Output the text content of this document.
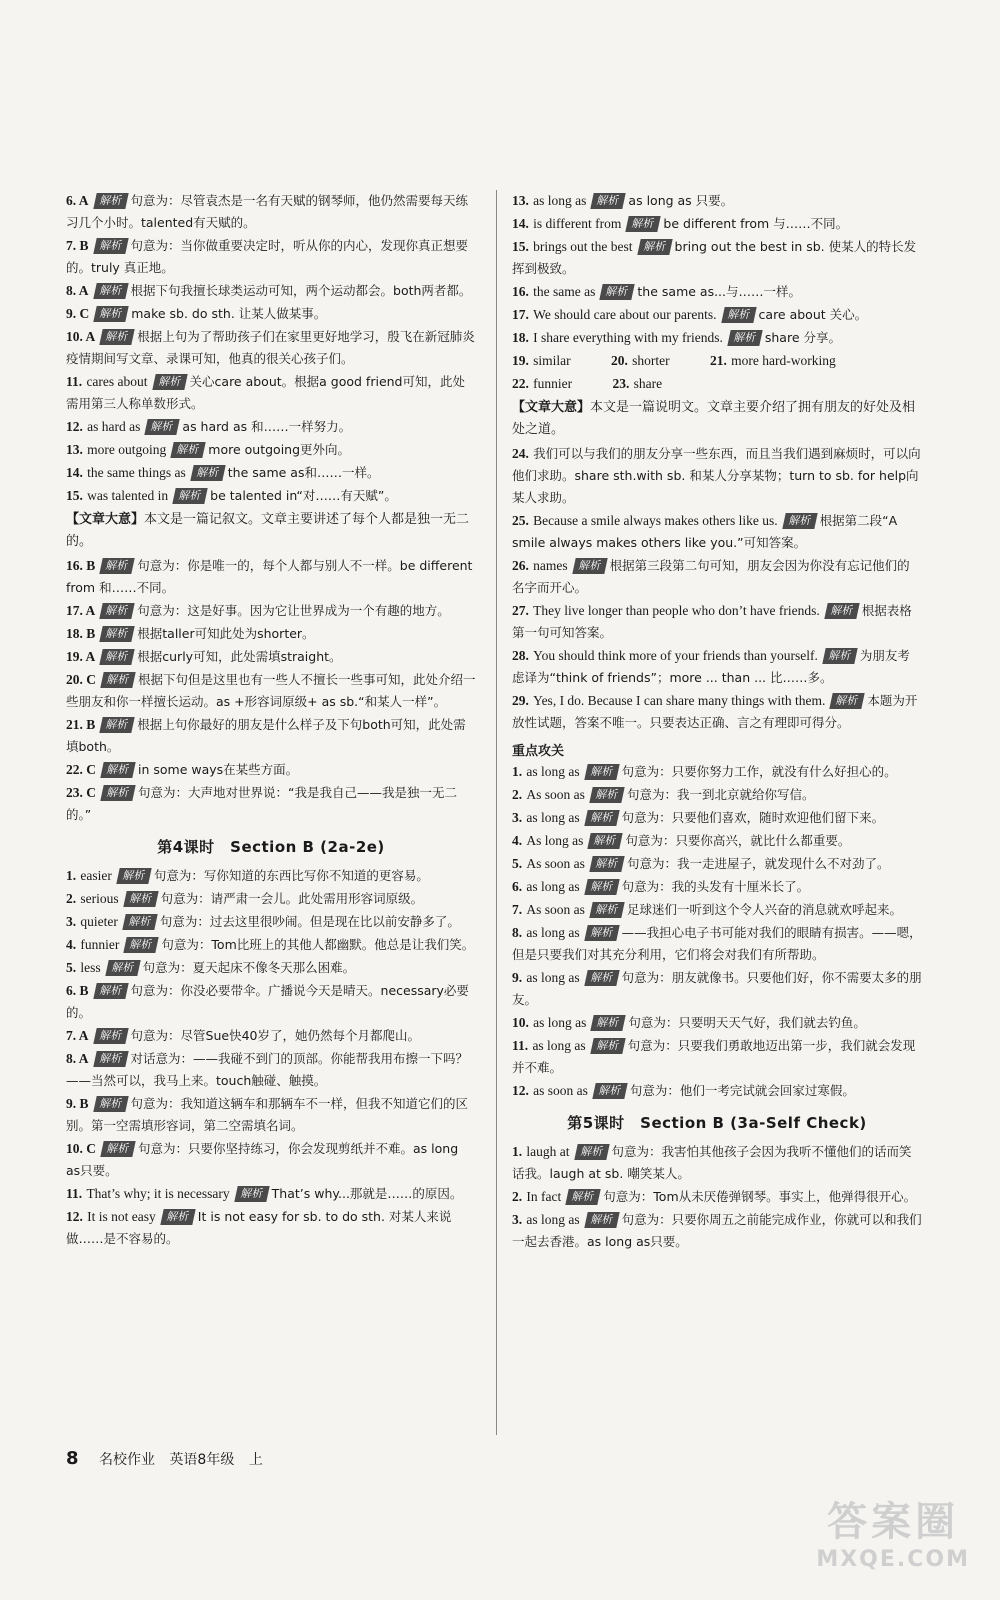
6. A 解析 句意为：尽管袁杰是一名有天赋的钢琴师，他仍然需要每天练习几个小时。talented有天赋的。
7. B 解析 句意为：当你做重要决定时，听从你的内心，发现你真正想要的。truly 真正地。
8. A 解析 根据下句我擅长球类运动可知，两个运动都会。both两者都。
9. C 解析 make sb. do sth. 让某人做某事。
10. A 解析 根据上句为了帮助孩子们在家里更好地学习，殷飞在新冠肺炎疫情期间写文章、录课可知，他真的很关心孩子们。
11. cares about 解析 关心care about。根据a good friend可知，此处需用第三人称单数形式。
12. as hard as 解析 as hard as 和……一样努力。
13. more outgoing 解析 more outgoing更外向。
14. the same things as 解析 the same as和……一样。
15. was talented in 解析 be talented in“对……有天赋”。
【文章大意】本文是一篇记叙文。文章主要讲述了每个人都是独一无二的。
16. B 解析 句意为：你是唯一的，每个人都与别人不一样。be different from 和……不同。
17. A 解析 句意为：这是好事。因为它让世界成为一个有趣的地方。
18. B 解析 根据taller可知此处为shorter。
19. A 解析 根据curly可知，此处需填straight。
20. C 解析 根据下句但是这里也有一些人不擅长一些事可知，此处介绍一些朋友和你一样擅长运动。as +形容词原级+ as sb.“和某人一样”。
21. B 解析 根据上句你最好的朋友是什么样子及下句both可知，此处需填both。
22. C 解析 in some ways在某些方面。
23. C 解析 句意为：大声地对世界说：“我是我自己——我是独一无二的。”
第4课时　Section B (2a-2e)
1. easier 解析 句意为：写你知道的东西比写你不知道的更容易。
2. serious 解析 句意为：请严肃一会儿。此处需用形容词原级。
3. quieter 解析 句意为：过去这里很吵闹。但是现在比以前安静多了。
4. funnier 解析 句意为：Tom比班上的其他人都幽默。他总是让我们笑。
5. less 解析 句意为：夏天起床不像冬天那么困难。
6. B 解析 句意为：你没必要带伞。广播说今天是晴天。necessary必要的。
7. A 解析 句意为：尽管Sue快40岁了，她仍然每个月都爬山。
8. A 解析 对话意为：——我碰不到门的顶部。你能帮我用布擦一下吗？——当然可以，我马上来。touch触碰、触摸。
9. B 解析 句意为：我知道这辆车和那辆车不一样，但我不知道它们的区别。第一空需填形容词，第二空需填名词。
10. C 解析 句意为：只要你坚持练习，你会发现剪纸并不难。as long as只要。
11. That’s why; it is necessary 解析 That’s why...那就是……的原因。
12. It is not easy 解析 It is not easy for sb. to do sth. 对某人来说做……是不容易的。
13. as long as 解析 as long as 只要。
14. is different from 解析 be different from 与……不同。
15. brings out the best 解析 bring out the best in sb. 使某人的特长发挥到极致。
16. the same as 解析 the same as...与……一样。
17. We should care about our parents. 解析 care about 关心。
18. I share everything with my friends. 解析 share 分享。
19. similar	20. shorter	21. more hard-working
22. funnier	23. share
【文章大意】本文是一篇说明文。文章主要介绍了拥有朋友的好处及相处之道。
24. 我们可以与我们的朋友分享一些东西，而且当我们遇到麻烦时，可以向他们求助。share sth.with sb. 和某人分享某物；turn to sb. for help向某人求助。
25. Because a smile always makes others like us. 解析 根据第二段“A smile always makes others like you.”可知答案。
26. names 解析 根据第三段第二句可知，朋友会因为你没有忘记他们的名字而开心。
27. They live longer than people who don’t have friends. 解析 根据表格第一句可知答案。
28. You should think more of your friends than yourself. 解析 为朋友考虑译为“think of friends”；more ... than ... 比……多。
29. Yes, I do. Because I can share many things with them. 解析 本题为开放性试题，答案不唯一。只要表达正确、言之有理即可得分。
重点攻关
1. as long as 解析 句意为：只要你努力工作，就没有什么好担心的。
2. As soon as 解析 句意为：我一到北京就给你写信。
3. as long as 解析 句意为：只要他们喜欢，随时欢迎他们留下来。
4. As long as 解析 句意为：只要你高兴，就比什么都重要。
5. As soon as 解析 句意为：我一走进屋子，就发现什么不对劲了。
6. as long as 解析 句意为：我的头发有十厘米长了。
7. As soon as 解析 足球迷们一听到这个令人兴奋的消息就欢呼起来。
8. as long as 解析 ——我担心电子书可能对我们的眼睛有损害。——嗯，但是只要我们对其充分利用，它们将会对我们有所帮助。
9. as long as 解析 句意为：朋友就像书。只要他们好，你不需要太多的朋友。
10. as long as 解析 句意为：只要明天天气好，我们就去钓鱼。
11. as long as 解析 句意为：只要我们勇敢地迈出第一步，我们就会发现并不难。
12. as soon as 解析 句意为：他们一考完试就会回家过寒假。
第5课时　Section B (3a-Self Check)
1. laugh at 解析 句意为：我害怕其他孩子会因为我听不懂他们的话而笑话我。laugh at sb. 嘲笑某人。
2. In fact 解析 句意为：Tom从未厌倦弹钢琴。事实上，他弹得很开心。
3. as long as 解析 句意为：只要你周五之前能完成作业，你就可以和我们一起去香港。as long as只要。
8 名校作业 英语8年级 上
答案圈
MXQE.COM
